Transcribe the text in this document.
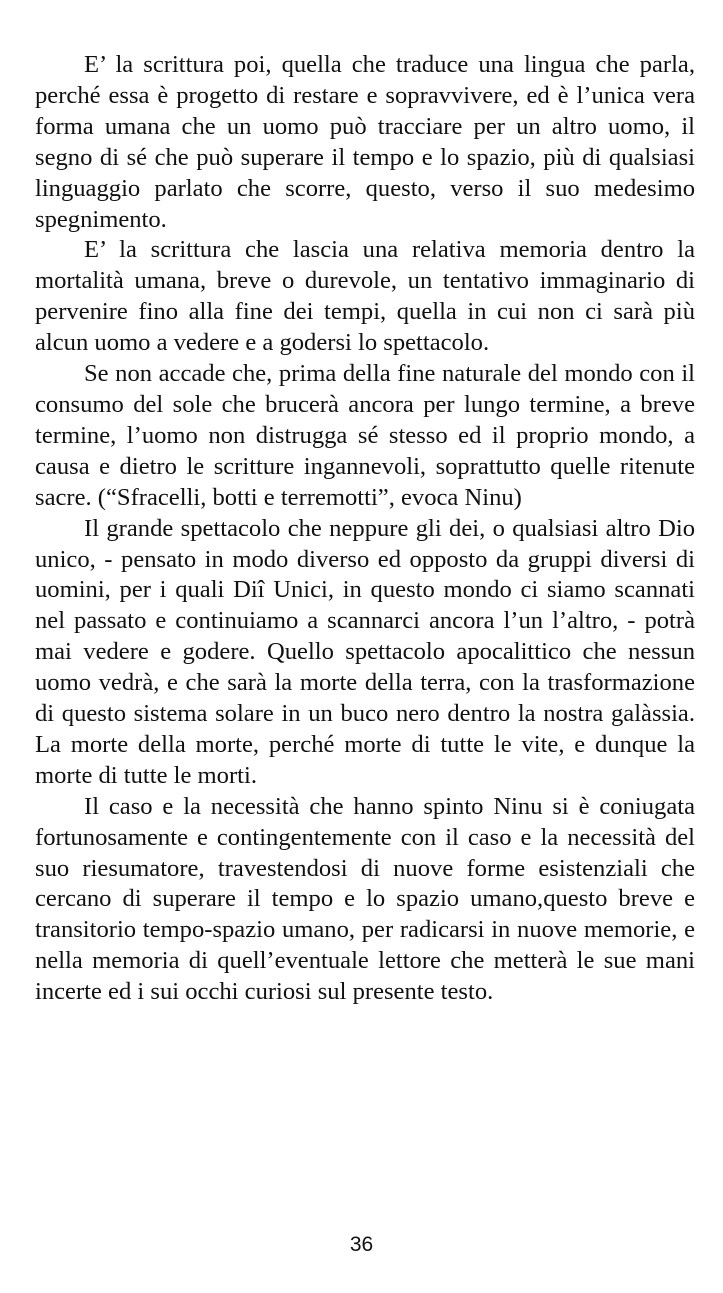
E’ la scrittura poi, quella che traduce una lingua che parla, perché essa è progetto di restare e sopravvivere, ed è l’unica vera forma umana che un uomo può tracciare per un altro uomo, il segno di sé che può superare il tempo e lo spazio, più di qualsiasi linguaggio parlato che scorre, questo, verso il suo medesimo spegnimento.

E’ la scrittura che lascia una relativa memoria dentro la mortalità umana, breve o durevole, un tentativo immaginario di pervenire fino alla fine dei tempi, quella in cui non ci sarà più alcun uomo a vedere e a godersi lo spettacolo.

Se non accade che, prima della fine naturale del mondo con il consumo del sole che brucerà ancora per lungo termine, a breve termine, l’uomo non distrugga sé stesso ed il proprio mondo, a causa e dietro le scritture ingannevoli, soprattutto quelle ritenute sacre. (“Sfracelli, botti e terremotti”, evoca Ninu)

Il grande spettacolo che neppure gli dei, o qualsiasi altro Dio unico, - pensato in modo diverso ed opposto da gruppi diversi di uomini, per i quali Diî Unici, in questo mondo ci siamo scannati nel passato e continuiamo a scannarci ancora l’un l’altro, - potrà mai vedere e godere. Quello spettacolo apocalittico che nessun uomo vedrà, e che sarà la morte della terra, con la trasformazione di questo sistema solare in un buco nero dentro la nostra galàssia. La morte della morte, perché morte di tutte le vite, e dunque la morte di tutte le morti.

Il caso e la necessità che hanno spinto Ninu si è coniugata fortunosamente e contingentemente con il caso e la necessità del suo riesumatore, travestendosi di nuove forme esistenziali che cercano di superare il tempo e lo spazio umano,questo breve e transitorio tempo-spazio umano, per radicarsi in nuove memorie, e nella memoria di quell’eventuale lettore che metterà le sue mani incerte ed i sui occhi curiosi sul presente testo.

36
